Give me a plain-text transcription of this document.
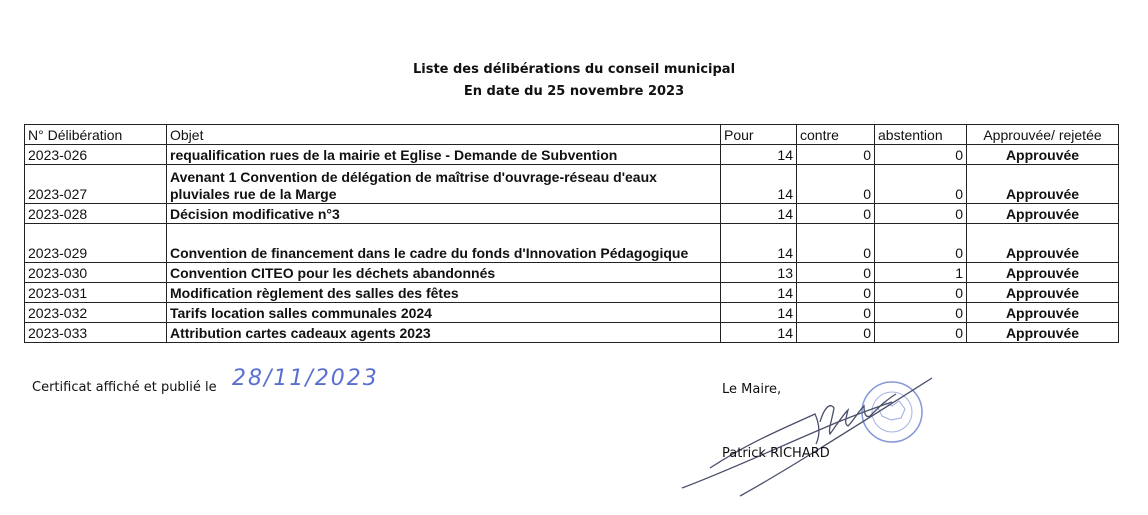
Liste des délibérations du conseil municipal
En date du 25 novembre 2023
N° Délibération	Objet	Pour	contre	abstention	Approuvée/ rejetée
2023-026	requalification rues de la mairie et Eglise - Demande de Subvention	14	0	0	Approuvée
2023-027	Avenant 1 Convention de délégation de maîtrise d'ouvrage-réseau d'eaux pluviales rue de la Marge	14	0	0	Approuvée
2023-028	Décision modificative n°3	14	0	0	Approuvée
2023-029	Convention de financement dans le cadre du fonds d'Innovation Pédagogique	14	0	0	Approuvée
2023-030	Convention CITEO pour les déchets abandonnés	13	0	1	Approuvée
2023-031	Modification règlement des salles des fêtes	14	0	0	Approuvée
2023-032	Tarifs location salles communales 2024	14	0	0	Approuvée
2023-033	Attribution cartes cadeaux agents 2023	14	0	0	Approuvée
Certificat affiché et publié le 28/11/2023	Le Maire,
Patrick RICHARD
